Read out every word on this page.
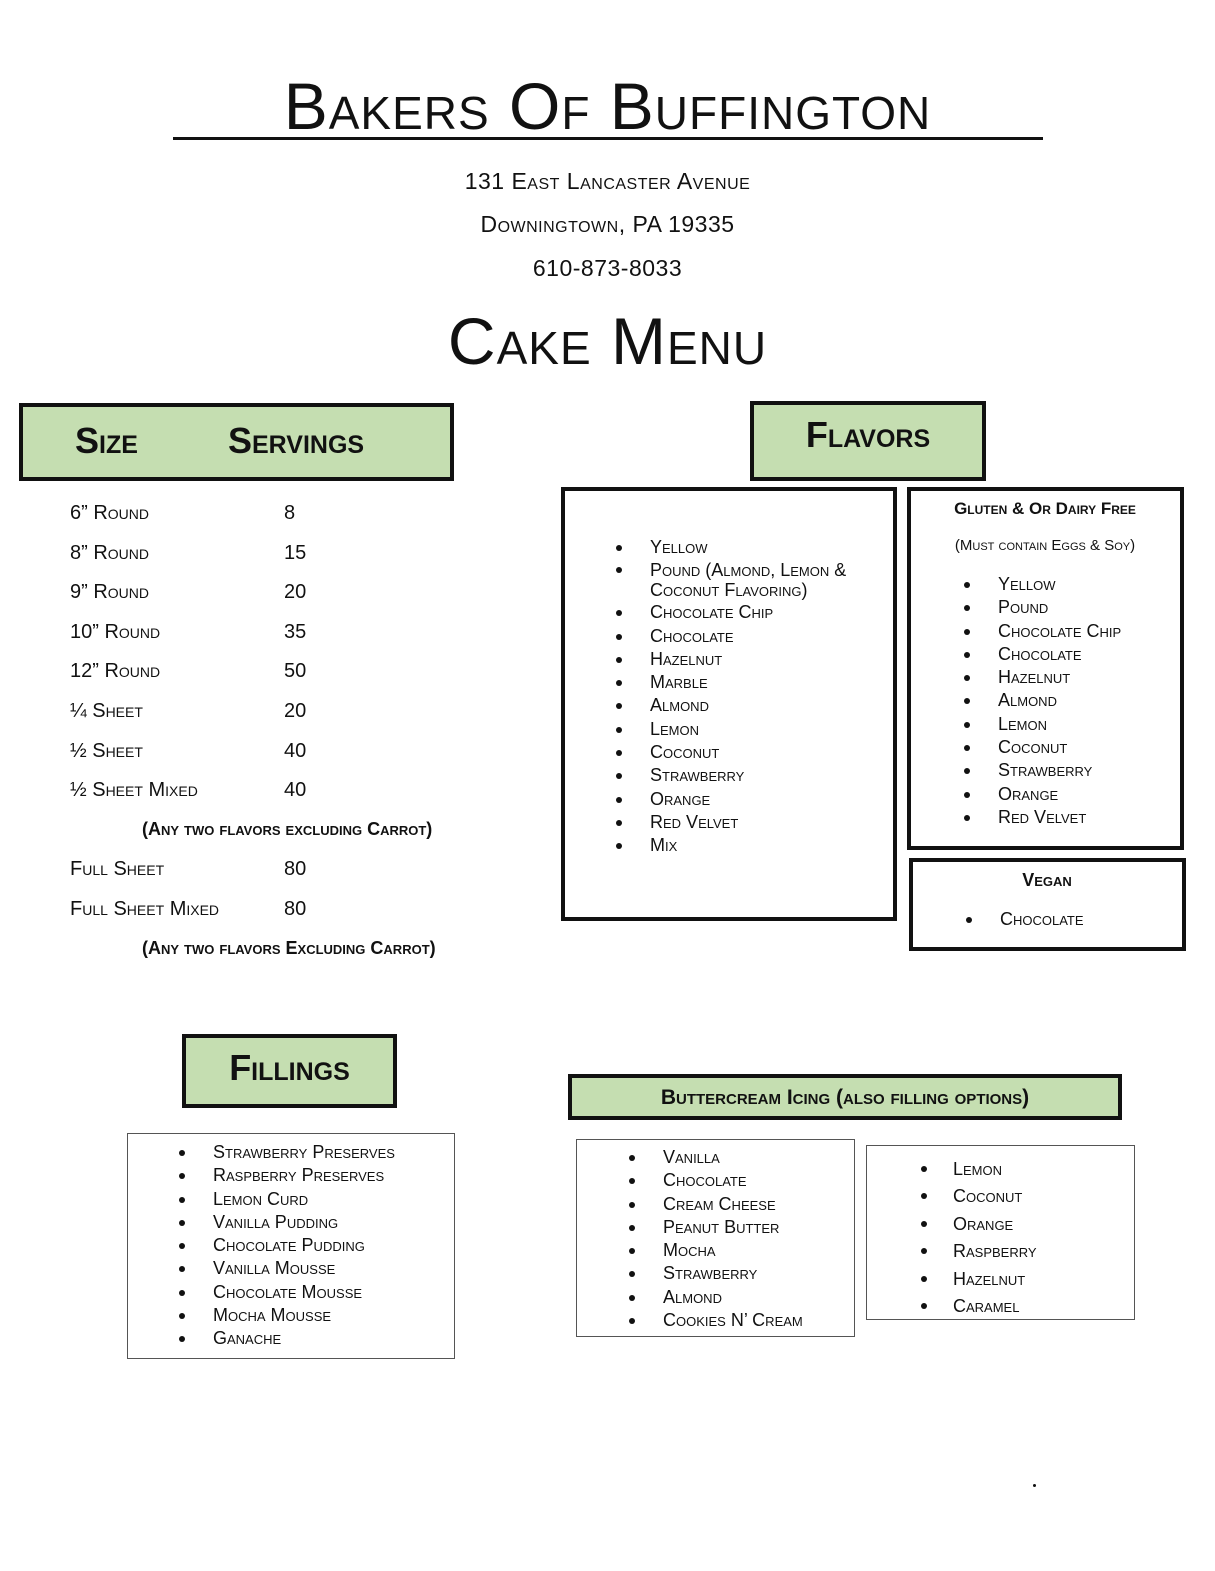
Bakers Of Buffington
131 East Lancaster Avenue
Downingtown, PA 19335
610-873-8033
Cake Menu
Size	Servings
6” Round	8
8” Round	15
9” Round	20
10” Round	35
12” Round	50
¼ Sheet	20
½ Sheet	40
½ Sheet Mixed	40
(Any two flavors excluding Carrot)
Full Sheet	80
Full Sheet Mixed	80
(Any two flavors Excluding Carrot)
Flavors
Yellow
Pound (Almond, Lemon & Coconut Flavoring)
Chocolate Chip
Chocolate
Hazelnut
Marble
Almond
Lemon
Coconut
Strawberry
Orange
Red Velvet
Mix
Gluten & Or Dairy Free
(Must contain Eggs & Soy)
Yellow
Pound
Chocolate Chip
Chocolate
Hazelnut
Almond
Lemon
Coconut
Strawberry
Orange
Red Velvet
Vegan
Chocolate
Fillings
Strawberry Preserves
Raspberry Preserves
Lemon Curd
Vanilla Pudding
Chocolate Pudding
Vanilla Mousse
Chocolate Mousse
Mocha Mousse
Ganache
Buttercream Icing (also filling options)
Vanilla
Chocolate
Cream Cheese
Peanut Butter
Mocha
Strawberry
Almond
Cookies N’ Cream
Lemon
Coconut
Orange
Raspberry
Hazelnut
Caramel
